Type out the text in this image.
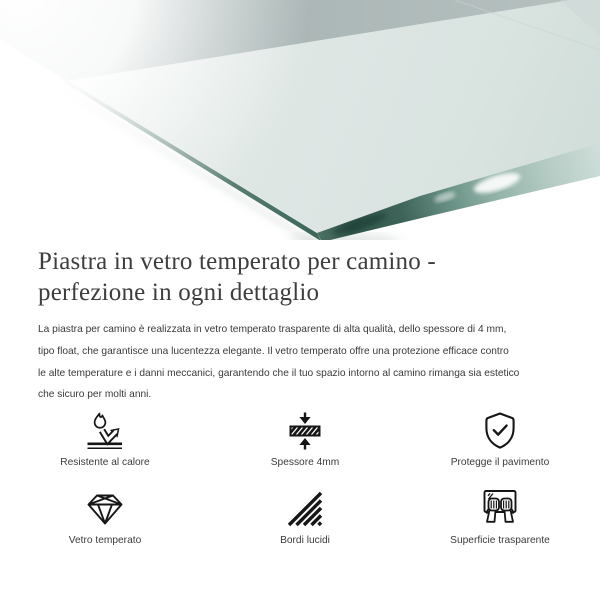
Piastra in vetro temperato per camino -
perfezione in ogni dettaglio
La piastra per camino è realizzata in vetro temperato trasparente di alta qualità, dello spessore di 4 mm,
tipo float, che garantisce una lucentezza elegante. Il vetro temperato offre una protezione efficace contro
le alte temperature e i danni meccanici, garantendo che il tuo spazio intorno al camino rimanga sia estetico
che sicuro per molti anni.
Resistente al calore	Spessore 4mm	Protegge il pavimento
Vetro temperato	Bordi lucidi	Superficie trasparente
